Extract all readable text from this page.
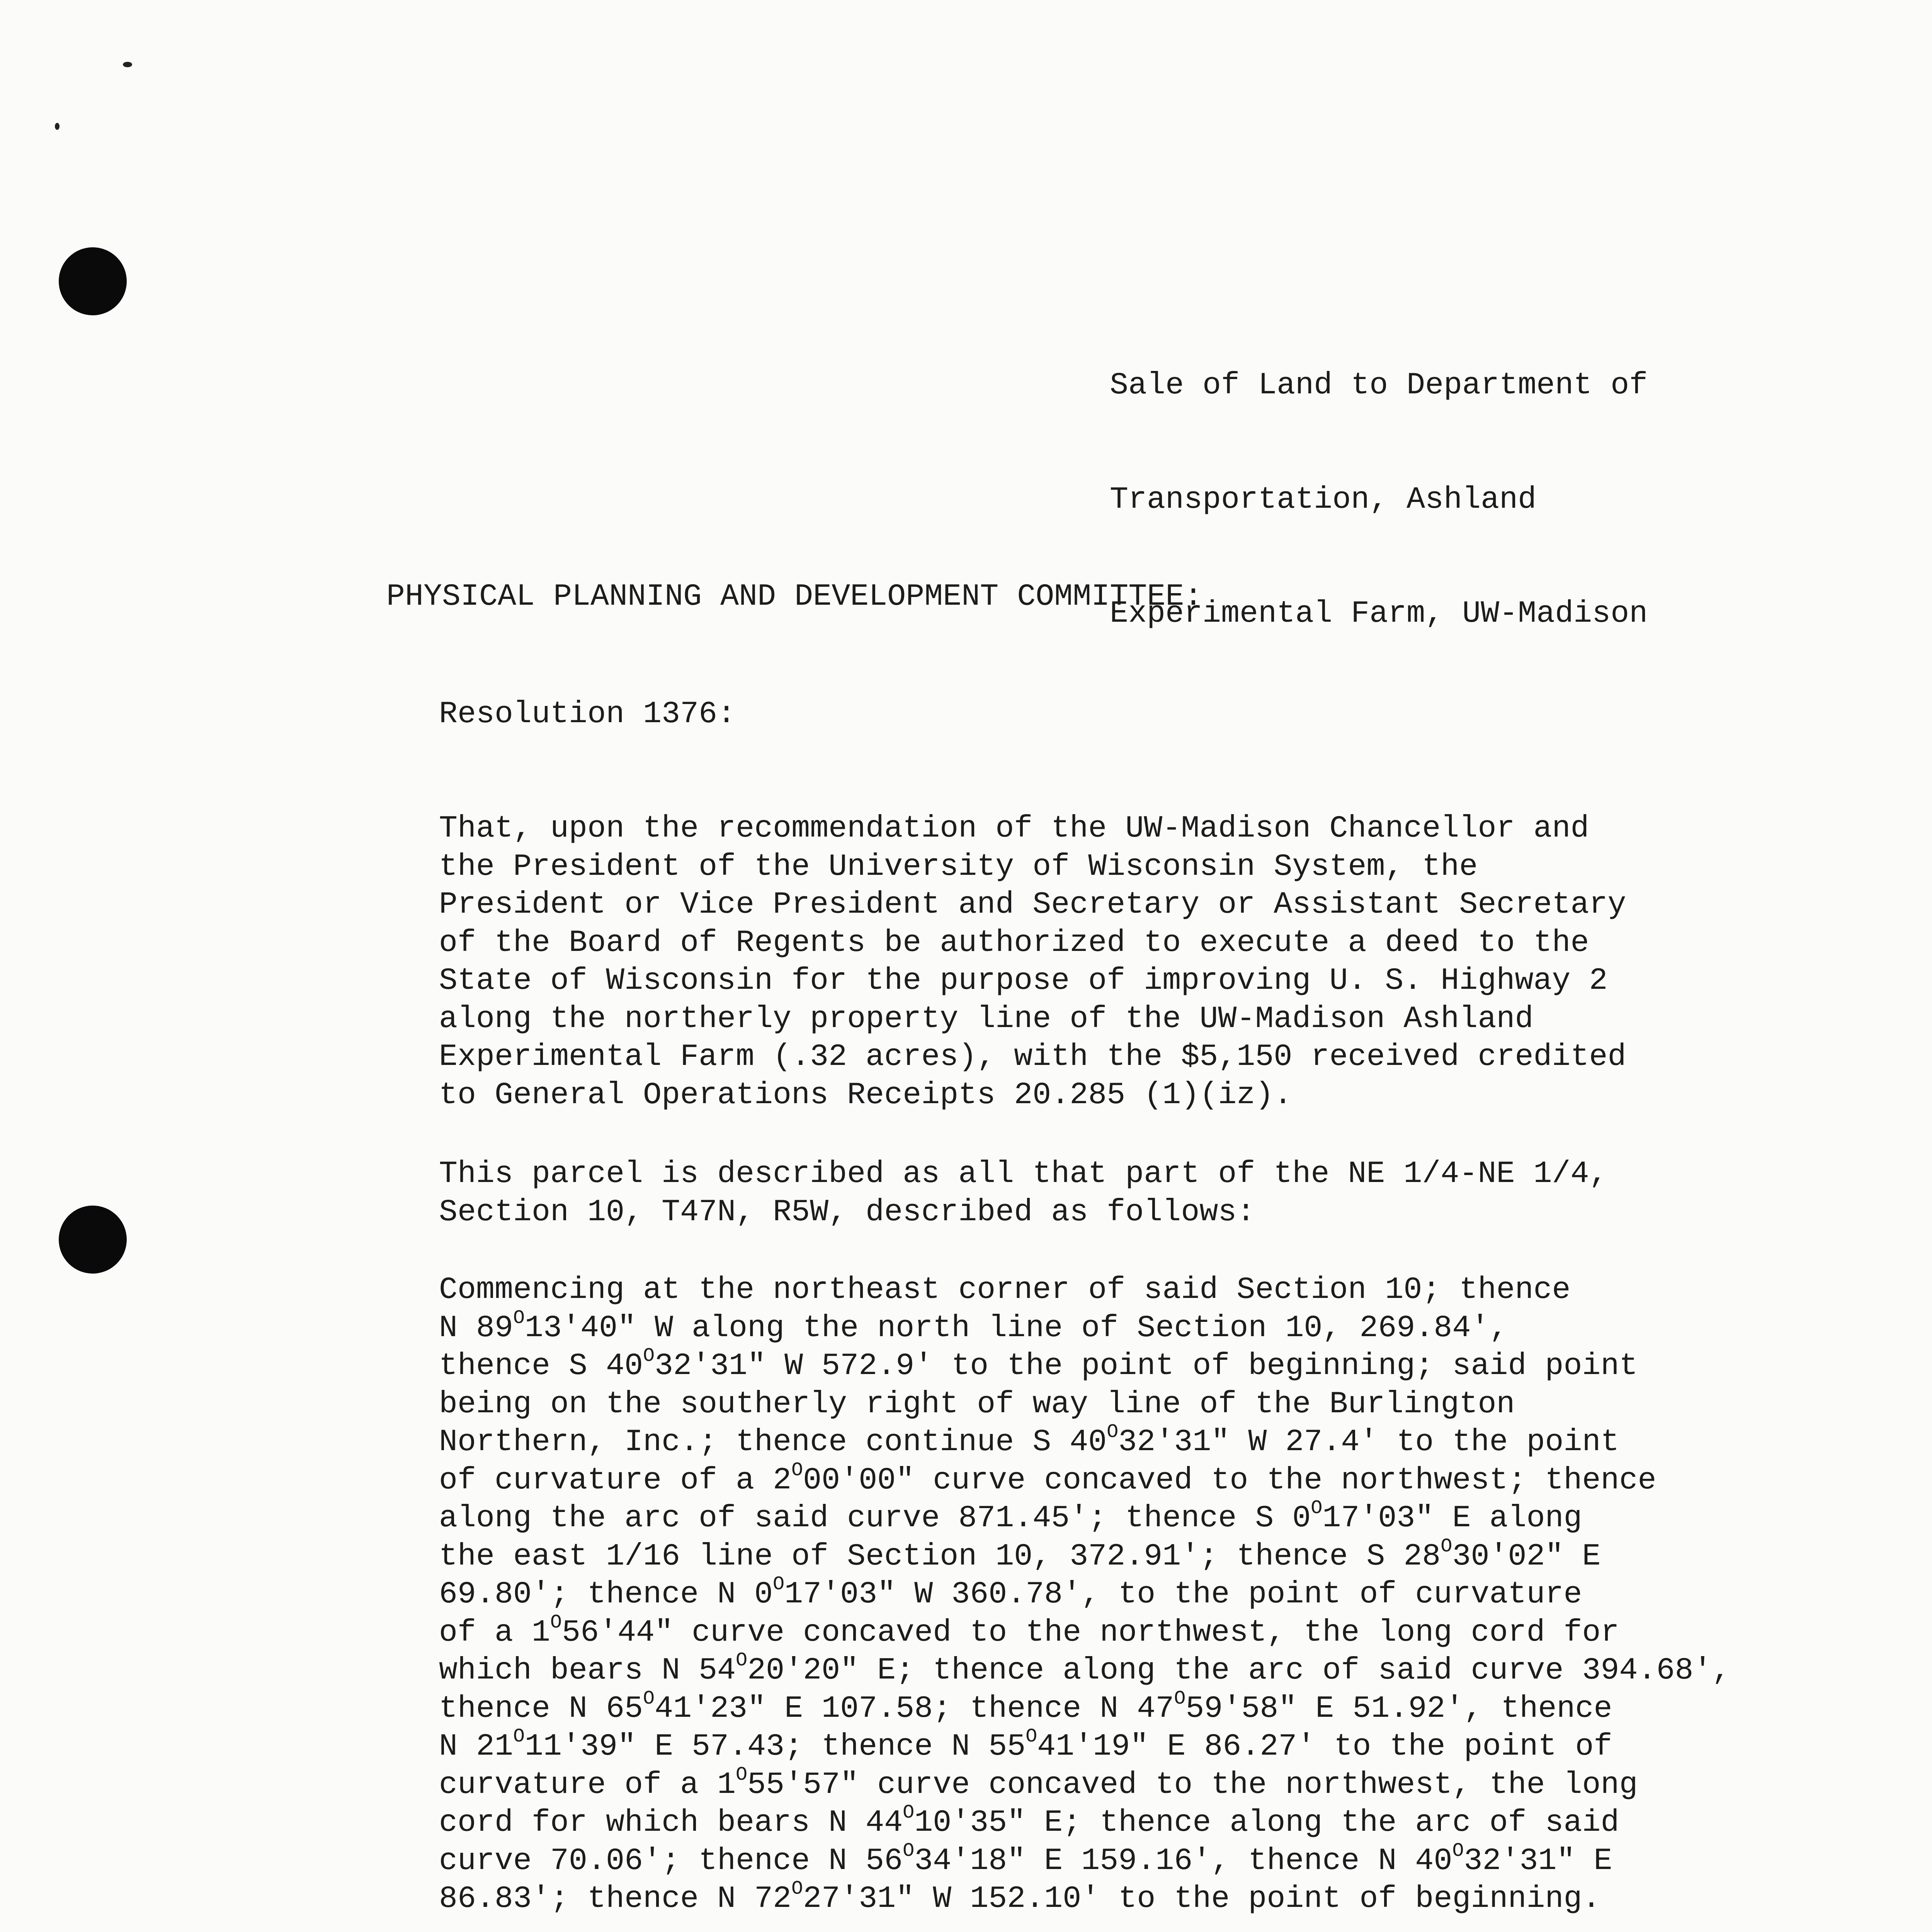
Sale of Land to Department of

Transportation, Ashland

Experimental Farm, UW-Madison

PHYSICAL PLANNING AND DEVELOPMENT COMMITTEE:
Resolution 1376:
That, upon the recommendation of the UW-Madison Chancellor and
the President of the University of Wisconsin System, the
President or Vice President and Secretary or Assistant Secretary
of the Board of Regents be authorized to execute a deed to the
State of Wisconsin for the purpose of improving U. S. Highway 2
along the northerly property line of the UW-Madison Ashland
Experimental Farm (.32 acres), with the $5,150 received credited
to General Operations Receipts 20.285 (1)(iz).
This parcel is described as all that part of the NE 1/4-NE 1/4,
Section 10, T47N, R5W, described as follows:
Commencing at the northeast corner of said Section 10; thence
N $89^O13'40$" W along the north line of Section 10, 269.84',
thence S $40^O32'31$" W 572.9' to the point of beginning; said point
being on the southerly right of way line of the Burlington
Northern, Inc.; thence continue S $40^O32'31$" W 27.4' to the point
of curvature of a $2^O00'00$" curve concaved to the northwest; thence
along the arc of said curve 871.45'; thence S $0^O17'03$" E along
the east 1/16 line of Section 10, 372.91'; thence S $28^O30'02$" E
69.80'; thence N $0^O17'03$" W 360.78', to the point of curvature
of a $1^O56'44$" curve concaved to the northwest, the long cord for
which bears N $54^O20'20$" E; thence along the arc of said curve 394.68',
thence N $65^O41'23$" E 107.58; thence N $47^O59'58$" E 51.92', thence
N $21^O11'39$" E 57.43; thence N $55^O41'19$" E 86.27' to the point of
curvature of a $1^O55'57$" curve concaved to the northwest, the long
cord for which bears N $44^O10'35$" E; thence along the arc of said
curve 70.06'; thence N $56^O34'18$" E 159.16', thence N $40^O32'31$" E
86.83'; thence N $72^O27'31$" W 152.10' to the point of beginning.
